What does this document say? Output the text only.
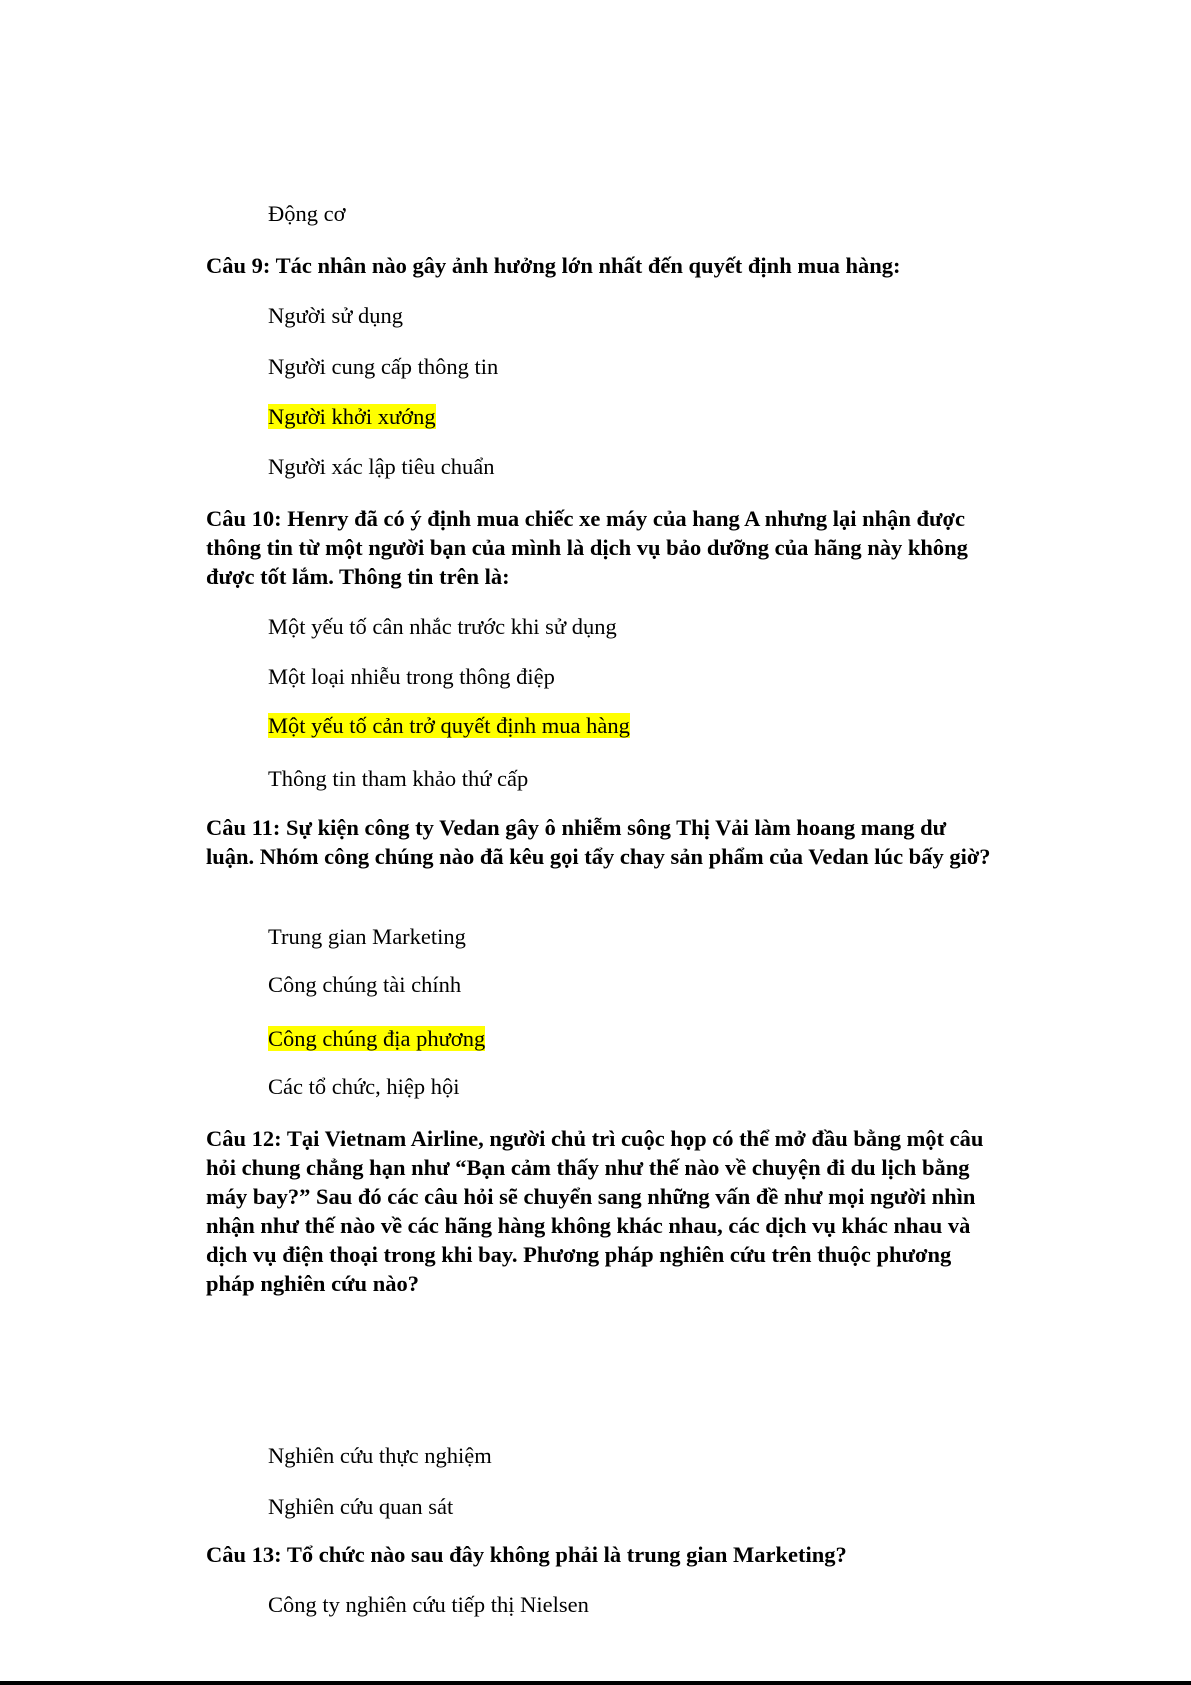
Động cơ
Câu 9: Tác nhân nào gây ảnh hưởng lớn nhất đến quyết định mua hàng:
Người sử dụng
Người cung cấp thông tin
Người khởi xướng
Người xác lập tiêu chuẩn
Câu 10: Henry đã có ý định mua chiếc xe máy của hang A nhưng lại nhận được thông tin từ một người bạn của mình là dịch vụ bảo dưỡng của hãng này không được tốt lắm. Thông tin trên là:
Một yếu tố cân nhắc trước khi sử dụng
Một loại nhiễu trong thông điệp
Một yếu tố cản trở quyết định mua hàng
Thông tin tham khảo thứ cấp
Câu 11: Sự kiện công ty Vedan gây ô nhiễm sông Thị Vải làm hoang mang dư luận. Nhóm công chúng nào đã kêu gọi tẩy chay sản phẩm của Vedan lúc bấy giờ?
Trung gian Marketing
Công chúng tài chính
Công chúng địa phương
Các tổ chức, hiệp hội
Câu 12: Tại Vietnam Airline, người chủ trì cuộc họp có thể mở đầu bằng một câu hỏi chung chẳng hạn như “Bạn cảm thấy như thế nào về chuyện đi du lịch bằng máy bay?” Sau đó các câu hỏi sẽ chuyển sang những vấn đề như mọi người nhìn nhận như thế nào về các hãng hàng không khác nhau, các dịch vụ khác nhau và dịch vụ điện thoại trong khi bay. Phương pháp nghiên cứu trên thuộc phương pháp nghiên cứu nào?
Nghiên cứu thực nghiệm
Nghiên cứu quan sát
Câu 13: Tổ chức nào sau đây không phải là trung gian Marketing?
Công ty nghiên cứu tiếp thị Nielsen
